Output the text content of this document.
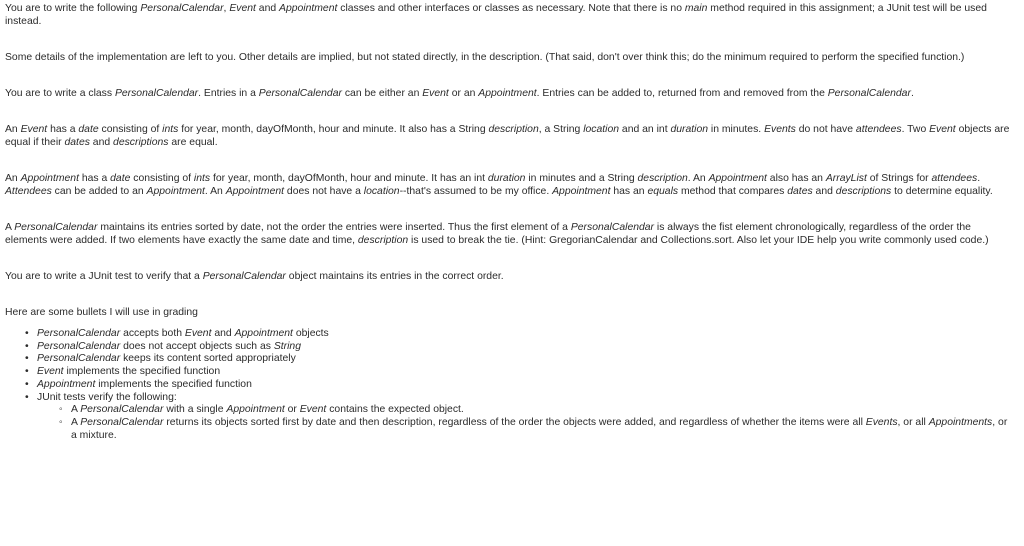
You are to write the following PersonalCalendar, Event and Appointment classes and other interfaces or classes as necessary. Note that there is no main method required in this assignment; a JUnit test will be used instead.

Some details of the implementation are left to you. Other details are implied, but not stated directly, in the description. (That said, don't over think this; do the minimum required to perform the specified function.)

You are to write a class PersonalCalendar. Entries in a PersonalCalendar can be either an Event or an Appointment. Entries can be added to, returned from and removed from the PersonalCalendar.

An Event has a date consisting of ints for year, month, dayOfMonth, hour and minute. It also has a String description, a String location and an int duration in minutes. Events do not have attendees. Two Event objects are equal if their dates and descriptions are equal.

An Appointment has a date consisting of ints for year, month, dayOfMonth, hour and minute. It has an int duration in minutes and a String description. An Appointment also has an ArrayList of Strings for attendees. Attendees can be added to an Appointment. An Appointment does not have a location--that's assumed to be my office. Appointment has an equals method that compares dates and descriptions to determine equality.

A PersonalCalendar maintains its entries sorted by date, not the order the entries were inserted. Thus the first element of a PersonalCalendar is always the fist element chronologically, regardless of the order the elements were added. If two elements have exactly the same date and time, description is used to break the tie. (Hint: GregorianCalendar and Collections.sort. Also let your IDE help you write commonly used code.)

You are to write a JUnit test to verify that a PersonalCalendar object maintains its entries in the correct order.

Here are some bullets I will use in grading

• PersonalCalendar accepts both Event and Appointment objects
• PersonalCalendar does not accept objects such as String
• PersonalCalendar keeps its content sorted appropriately
• Event implements the specified function
• Appointment implements the specified function
• JUnit tests verify the following:
◦ A PersonalCalendar with a single Appointment or Event contains the expected object.
◦ A PersonalCalendar returns its objects sorted first by date and then description, regardless of the order the objects were added, and regardless of whether the items were all Events, or all Appointments, or a mixture.
